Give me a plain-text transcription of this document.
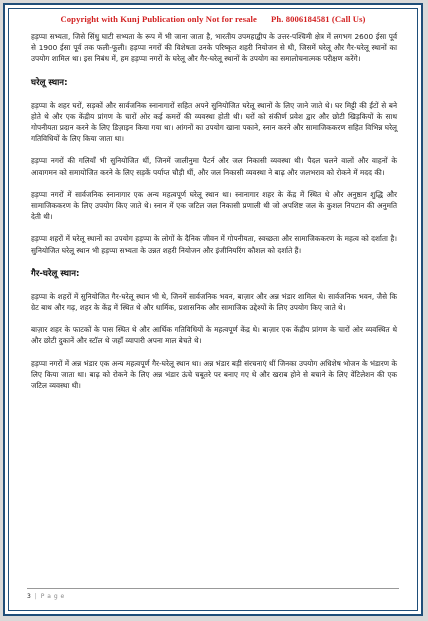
Copyright with Kunj Publication only Not for resale Ph. 8006184581 (Call Us)

हड़प्पा सभ्यता, जिसे सिंधु घाटी सभ्यता के रूप में भी जाना जाता है, भारतीय उपमहाद्वीप के उत्तर-पश्चिमी क्षेत्र में लगभग 2600 ईसा पूर्व से 1900 ईसा पूर्व तक फली-फूली। हड़प्पा नगरों की विशेषता उनके परिष्कृत शहरी नियोजन से थी, जिसमें घरेलू और गैर-घरेलू स्थानों का उपयोग शामिल था। इस निबंध में, हम हड़प्पा नगरों के घरेलू और गैर-घरेलू स्थानों के उपयोग का समालोचनात्मक परीक्षण करेंगे।

घरेलू स्थान:

हड़प्पा के शहर घरों, सड़कों और सार्वजनिक स्नानागारों सहित अपने सुनियोजित घरेलू स्थानों के लिए जाने जाते थे। घर मिट्टी की ईंटों से बने होते थे और एक केंद्रीय प्रांगण के चारों ओर कई कमरों की व्यवस्था होती थी। घरों को संकीर्ण प्रवेश द्वार और छोटी खिड़कियों के साथ गोपनीयता प्रदान करने के लिए डिज़ाइन किया गया था। आंगनों का उपयोग खाना पकाने, स्नान करने और सामाजिककरण सहित विभिन्न घरेलू गतिविधियों के लिए किया जाता था।

हड़प्पा नगरों की गलियाँ भी सुनियोजित थीं, जिनमें जालीनुमा पैटर्न और जल निकासी व्यवस्था थी। पैदल चलने वालों और वाहनों के आवागमन को समायोजित करने के लिए सड़कें पर्याप्त चौड़ी थीं, और जल निकासी व्यवस्था ने बाढ़ और जलभराव को रोकने में मदद की।

हड़प्पा नगरों में सार्वजनिक स्नानागार एक अन्य महत्वपूर्ण घरेलू स्थान था। स्नानागार शहर के केंद्र में स्थित थे और अनुष्ठान शुद्धि और सामाजिककरण के लिए उपयोग किए जाते थे। स्नान में एक जटिल जल निकासी प्रणाली थी जो अपशिष्ट जल के कुशल निपटान की अनुमति देती थी।

हड़प्पा शहरों में घरेलू स्थानों का उपयोग हड़प्पा के लोगों के दैनिक जीवन में गोपनीयता, स्वच्छता और सामाजिककरण के महत्व को दर्शाता है। सुनियोजित घरेलू स्थान भी हड़प्पा सभ्यता के उन्नत शहरी नियोजन और इंजीनियरिंग कौशल को दर्शाते हैं।

गैर-घरेलू स्थान:

हड़प्पा के शहरों में सुनियोजित गैर-घरेलू स्थान भी थे, जिनमें सार्वजनिक भवन, बाज़ार और अन्न भंडार शामिल थे। सार्वजनिक भवन, जैसे कि ग्रेट बाथ और गढ़, शहर के केंद्र में स्थित थे और धार्मिक, प्रशासनिक और सामाजिक उद्देश्यों के लिए उपयोग किए जाते थे।

बाज़ार शहर के फाटकों के पास स्थित थे और आर्थिक गतिविधियों के महत्वपूर्ण केंद्र थे। बाज़ार एक केंद्रीय प्रांगण के चारों ओर व्यवस्थित थे और छोटी दुकानें और स्टॉल थे जहाँ व्यापारी अपना माल बेचते थे।

हड़प्पा नगरों में अन्न भंडार एक अन्य महत्वपूर्ण गैर-घरेलू स्थान था। अन्न भंडार बड़ी संरचनाएं थीं जिनका उपयोग अधिशेष भोजन के भंडारण के लिए किया जाता था। बाढ़ को रोकने के लिए अन्न भंडार ऊंचे चबूतरे पर बनाए गए थे और खराब होने से बचाने के लिए वेंटिलेशन की एक जटिल व्यवस्था थी।

3 | P a g e
